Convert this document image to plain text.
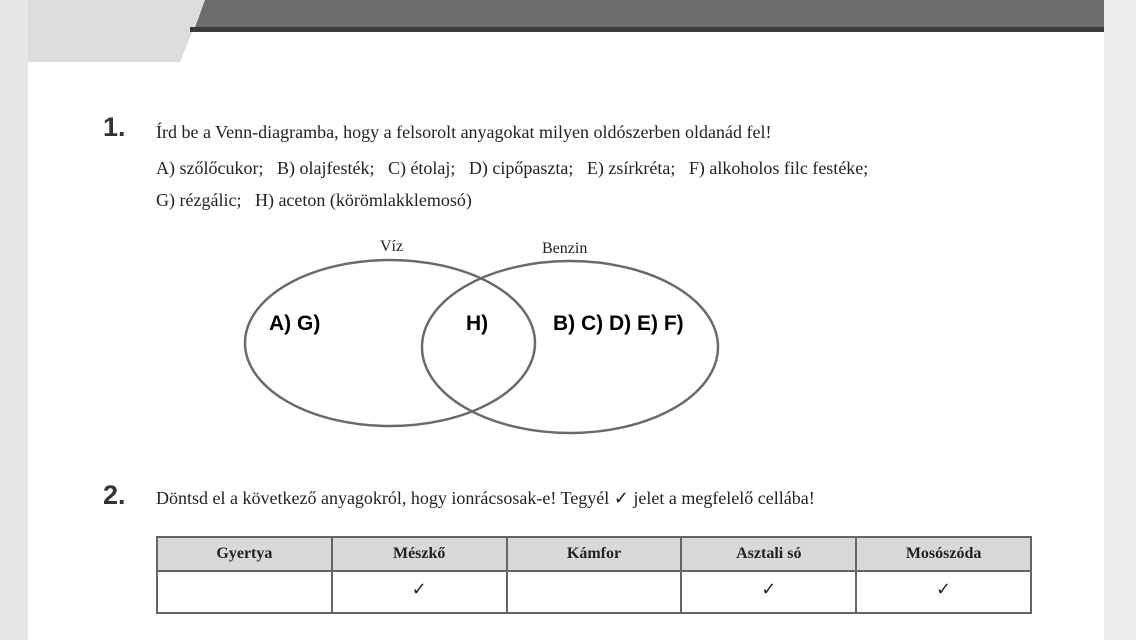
1. Írd be a Venn-diagramba, hogy a felsorolt anyagokat milyen oldószerben oldanád fel!
A) szőlőcukor;   B) olajfesték;   C) étolaj;   D) cipőpaszta;   E) zsírkréta;   F) alkoholos filc festéke;
G) rézgálic;   H) aceton (körömlakklemosó)
Víz	Benzin
A) G)	H)	B) C) D) E) F)
2. Döntsd el a következő anyagokról, hogy ionrácsosak-e! Tegyél ✓ jelet a megfelelő cellába!
Gyertya	Mészkő	Kámfor	Asztali só	Mosószóda
	✓		✓	✓
